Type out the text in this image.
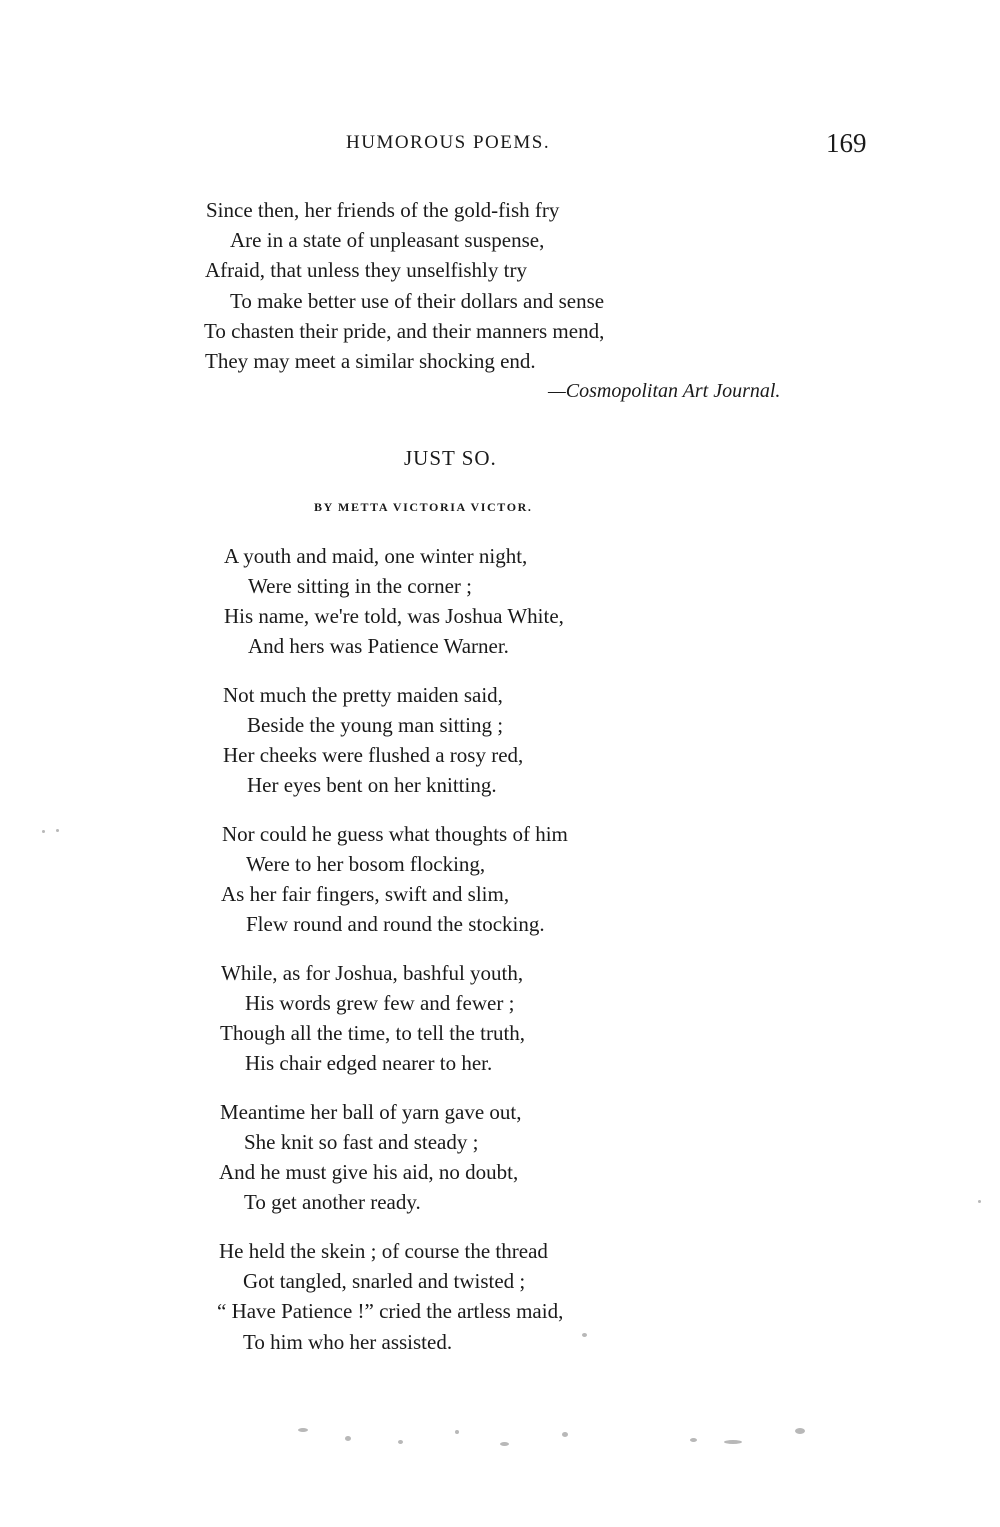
HUMOROUS POEMS.	169
Since then, her friends of the gold-fish fry
Are in a state of unpleasant suspense,
Afraid, that unless they unselfishly try
To make better use of their dollars and sense
To chasten their pride, and their manners mend,
They may meet a similar shocking end.
—Cosmopolitan Art Journal.
JUST SO.
BY METTA VICTORIA VICTOR.
A youth and maid, one winter night,
Were sitting in the corner ;
His name, we're told, was Joshua White,
And hers was Patience Warner.
Not much the pretty maiden said,
Beside the young man sitting ;
Her cheeks were flushed a rosy red,
Her eyes bent on her knitting.
Nor could he guess what thoughts of him
Were to her bosom flocking,
As her fair fingers, swift and slim,
Flew round and round the stocking.
While, as for Joshua, bashful youth,
His words grew few and fewer ;
Though all the time, to tell the truth,
His chair edged nearer to her.
Meantime her ball of yarn gave out,
She knit so fast and steady ;
And he must give his aid, no doubt,
To get another ready.
He held the skein ; of course the thread
Got tangled, snarled and twisted ;
“ Have Patience !” cried the artless maid,
To him who her assisted.
